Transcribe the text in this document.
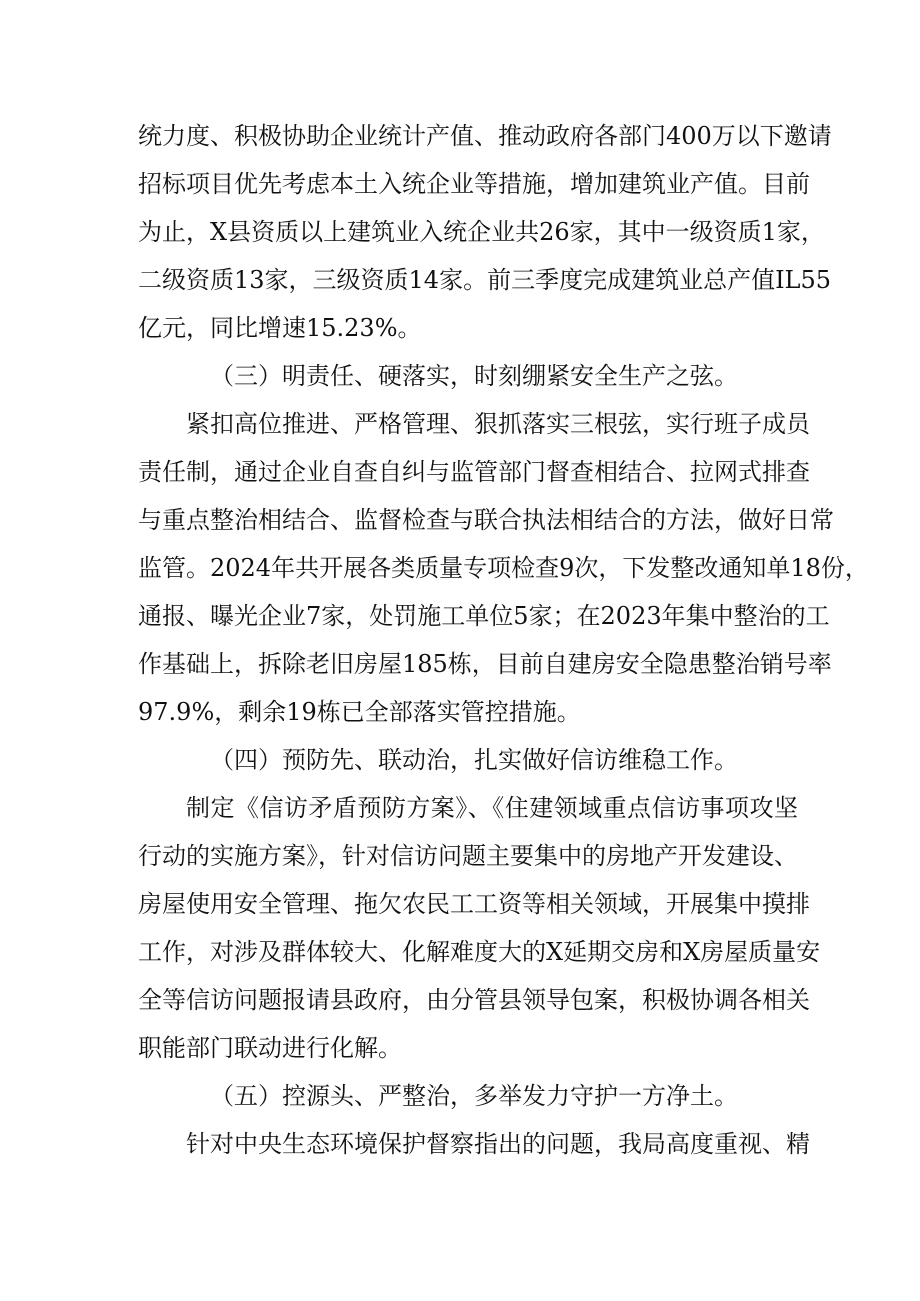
统力度、积极协助企业统计产值、推动政府各部门400万以下邀请
招标项目优先考虑本土入统企业等措施，增加建筑业产值。目前
为止，X县资质以上建筑业入统企业共26家，其中一级资质1家，
二级资质13家，三级资质14家。前三季度完成建筑业总产值IL55
亿元，同比增速15.23%。
（三）明责任、硬落实，时刻绷紧安全生产之弦。
紧扣高位推进、严格管理、狠抓落实三根弦，实行班子成员
责任制，通过企业自查自纠与监管部门督查相结合、拉网式排查
与重点整治相结合、监督检查与联合执法相结合的方法，做好日常
监管。2024年共开展各类质量专项检查9次，下发整改通知单18份，
通报、曝光企业7家，处罚施工单位5家；在2023年集中整治的工
作基础上，拆除老旧房屋185栋，目前自建房安全隐患整治销号率
97.9%，剩余19栋已全部落实管控措施。
（四）预防先、联动治，扎实做好信访维稳工作。
制定《信访矛盾预防方案》、《住建领域重点信访事项攻坚
行动的实施方案》，针对信访问题主要集中的房地产开发建设、
房屋使用安全管理、拖欠农民工工资等相关领域，开展集中摸排
工作，对涉及群体较大、化解难度大的X延期交房和X房屋质量安
全等信访问题报请县政府，由分管县领导包案，积极协调各相关
职能部门联动进行化解。
（五）控源头、严整治，多举发力守护一方净土。
针对中央生态环境保护督察指出的问题，我局高度重视、精
